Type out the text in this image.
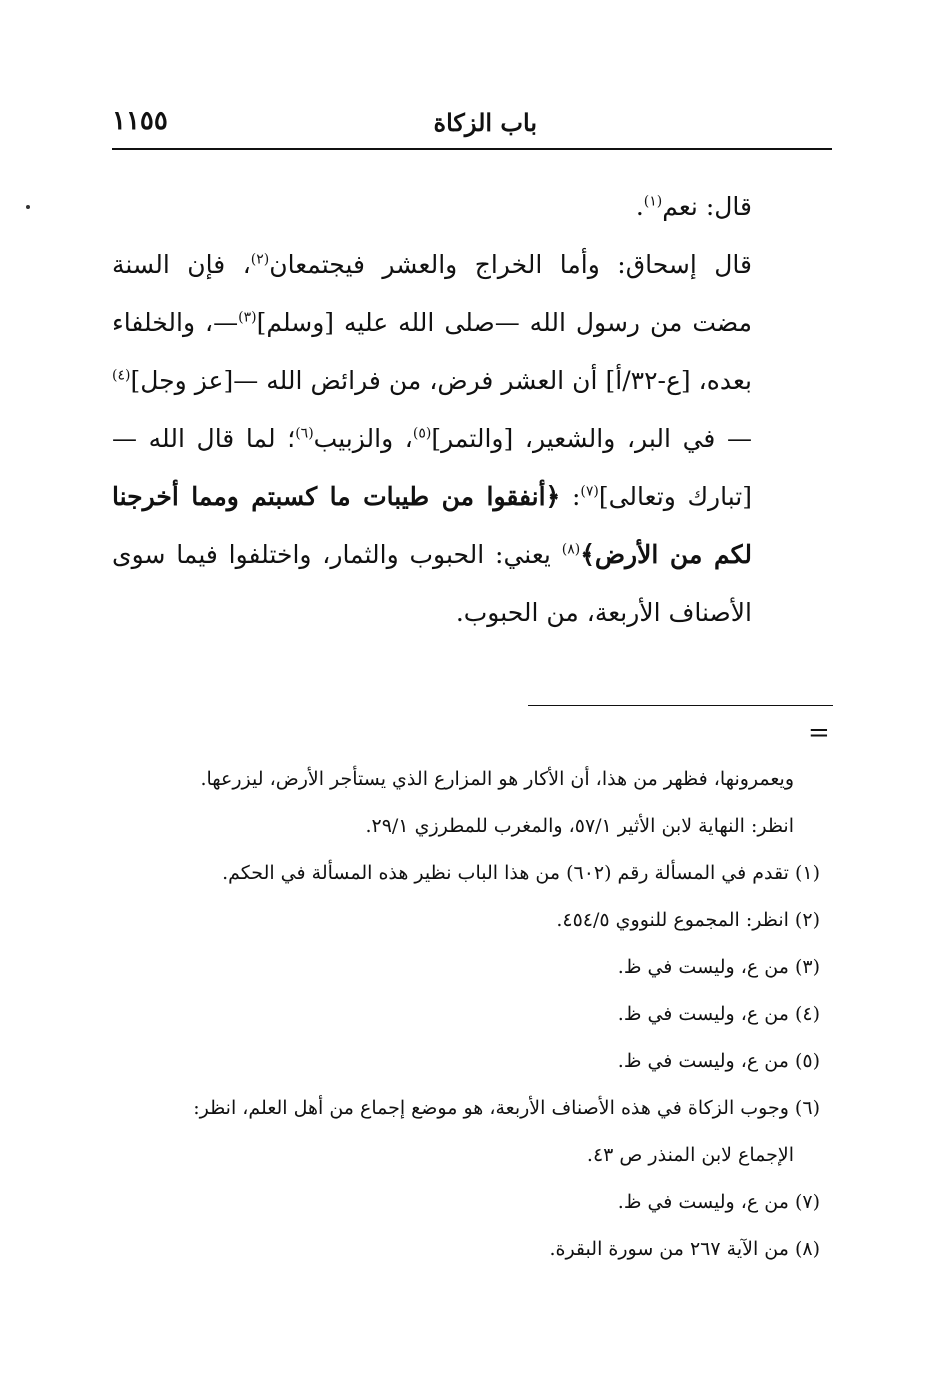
باب الزكاة
١١٥٥

قال: نعم$^{(١)}$.

قال إسحاق: وأما الخراج والعشر فيجتمعان$^{(٢)}$، فإن السنة مضت من رسول الله —صلى الله عليه [وسلم]$^{(٣)}$—، والخلفاء بعده، [ع-٣٢/أ] أن العشر فرض، من فرائض الله —[عز وجل]$^{(٤)}$— في البر، والشعير، [والتمر]$^{(٥)}$، والزبيب$^{(٦)}$؛ لما قال الله —[تبارك وتعالى]$^{(٧)}$: ﴿أنفقوا من طيبات ما كسبتم ومما أخرجنا لكم من الأرض﴾$^{(٨)}$ يعني: الحبوب والثمار، واختلفوا فيما سوى الأصناف الأربعة، من الحبوب.

=

ويعمرونها، فظهر من هذا، أن الأكار هو المزارع الذي يستأجر الأرض، ليزرعها.

انظر: النهاية لابن الأثير ٥٧/١، والمغرب للمطرزي ٢٩/١.

(١) تقدم في المسألة رقم (٦٠٢) من هذا الباب نظير هذه المسألة في الحكم.

(٢) انظر: المجموع للنووي ٤٥٤/٥.

(٣) من ع، وليست في ظ.

(٤) من ع، وليست في ظ.

(٥) من ع، وليست في ظ.

(٦) وجوب الزكاة في هذه الأصناف الأربعة، هو موضع إجماع من أهل العلم، انظر:

الإجماع لابن المنذر ص ٤٣.

(٧) من ع، وليست في ظ.

(٨) من الآية ٢٦٧ من سورة البقرة.
